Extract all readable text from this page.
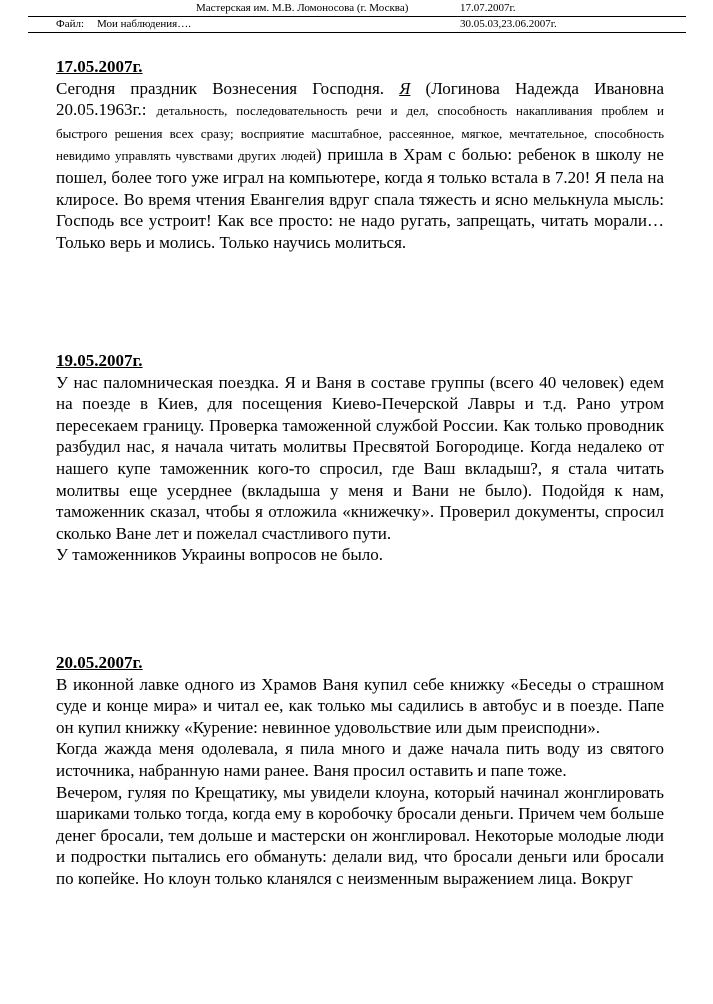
Мастерская им. М.В. Ломоносова (г. Москва)	17.07.2007г.
Файл: Мои наблюдения….	30.05.03,23.06.2007г.
17.05.2007г.

Сегодня праздник Вознесения Господня. Я (Логинова Надежда Ивановна 20.05.1963г.: детальность, последовательность речи и дел, способность накапливания проблем и быстрого решения всех сразу; восприятие масштабное, рассеянное, мягкое, мечтательное, способность невидимо управлять чувствами других людей) пришла в Храм с болью: ребенок в школу не пошел, более того уже играл на компьютере, когда я только встала в 7.20! Я пела на клиросе. Во время чтения Евангелия вдруг спала тяжесть и ясно мелькнула мысль: Господь все устроит! Как все просто: не надо ругать, запрещать, читать морали… Только верь и молись. Только научись молиться.

19.05.2007г.

У нас паломническая поездка. Я и Ваня в составе группы (всего 40 человек) едем на поезде в Киев, для посещения Киево-Печерской Лавры и т.д. Рано утром пересекаем границу. Проверка таможенной службой России. Как только проводник разбудил нас, я начала читать молитвы Пресвятой Богородице. Когда недалеко от нашего купе таможенник кого-то спросил, где Ваш вкладыш?, я стала читать молитвы еще усерднее (вкладыша у меня и Вани не было). Подойдя к нам, таможенник сказал, чтобы я отложила «книжечку». Проверил документы, спросил сколько Ване лет и пожелал счастливого пути.

У таможенников Украины вопросов не было.

20.05.2007г.

В иконной лавке одного из Храмов Ваня купил себе книжку «Беседы о страшном суде и конце мира» и читал ее, как только мы садились в автобус и в поезде. Папе он купил книжку «Курение: невинное удовольствие или дым преисподни».

Когда жажда меня одолевала, я пила много и даже начала пить воду из святого источника, набранную нами ранее. Ваня просил оставить и папе тоже.

Вечером, гуляя по Крещатику, мы увидели клоуна, который начинал жонглировать шариками только тогда, когда ему в коробочку бросали деньги. Причем чем больше денег бросали, тем дольше и мастерски он жонглировал. Некоторые молодые люди и подростки пытались его обмануть: делали вид, что бросали деньги или бросали по копейке. Но клоун только кланялся с неизменным выражением лица. Вокруг
